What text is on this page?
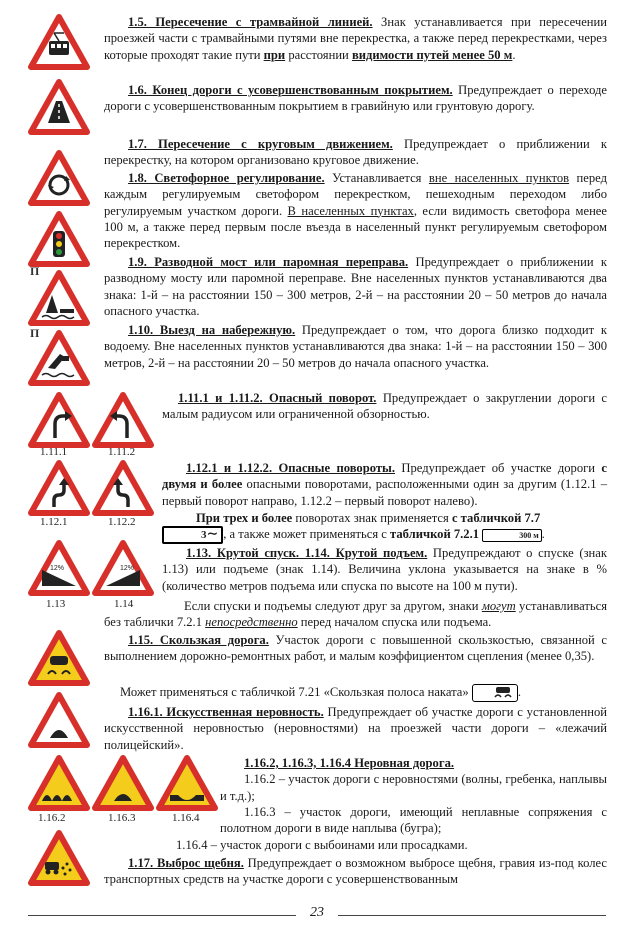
П
П
1.11.1	1.11.2
1.12.1	1.12.2
12%
1.13
12%
1.14
1.16.2	1.16.3	1.16.4
1.5. Пересечение с трамвайной линией. Знак устанавливается при пересечении проезжей части с трамвайными путями вне перекрестка, а также перед перекрестками, через которые проходят такие пути при расстоянии видимости путей менее 50 м.
1.6. Конец дороги с усовершенствованным покрытием. Предупреждает о переходе дороги с усовершенствованным покрытием в гравийную или грунтовую дорогу.
1.7. Пересечение с круговым движением. Предупреждает о приближении к перекрестку, на котором организовано круговое движение.
1.8. Светофорное регулирование. Устанавливается вне населенных пунктов перед каждым регулируемым светофором перекрестком, пешеходным переходом либо регулируемым участком дороги. В населенных пунктах, если видимость светофора менее 100 м, а также перед первым после въезда в населенный пункт регулируемым светофором перекрестком.
1.9. Разводной мост или паромная переправа. Предупреждает о приближении к разводному мосту или паромной переправе. Вне населенных пунктов устанавливаются два знака: 1-й – на расстоянии 150 – 300 метров, 2-й – на расстоянии 20 – 50 метров до начала опасного участка.
1.10. Выезд на набережную. Предупреждает о том, что дорога близко подходит к водоему. Вне населенных пунктов устанавливаются два знака: 1-й – на расстоянии 150 – 300 метров, 2-й – на расстоянии 20 – 50 метров до начала опасного участка.
1.11.1 и 1.11.2. Опасный поворот. Предупреждает о закруглении дороги с малым радиусом или ограниченной обзорностью.
1.12.1 и 1.12.2. Опасные повороты. Предупреждает об участке дороги с двумя и более опасными поворотами, расположенными один за другим (1.12.1 – первый поворот направо, 1.12.2 – первый поворот налево).
При трех и более поворотах знак применяется с табличкой 7.7
3∼ , а также может применяться с табличкой 7.2.1	300 м .
1.13. Крутой спуск. 1.14. Крутой подъем. Предупреждают о спуске (знак 1.13) или подъеме (знак 1.14). Величина уклона указывается на знаке в % (количество метров подъема или спуска по высоте на 100 м пути).
Если спуски и подъемы следуют друг за другом, знаки могут устанавливаться без таблички 7.2.1 непосредственно перед началом спуска или подъема.
1.15. Скользкая дорога. Участок дороги с повышенной скользкостью, связанной с выполнением дорожно-ремонтных работ, и малым коэффициентом сцепления (менее 0,35).
Может применяться с табличкой 7.21 «Скользкая полоса наката»	.
1.16.1. Искусственная неровность. Предупреждает об участке дороги с установленной искусственной неровностью (неровностями) на проезжей части дороги – «лежачий полицейский».
1.16.2, 1.16.3, 1.16.4 Неровная дорога.
1.16.2 – участок дороги с неровностями (волны, гребенка, наплывы и т.д.);1.16.3 – участок дороги, имеющий неплавные сопряжения с полотном дороги в виде наплыва (бугра);
1.16.4 – участок дороги с выбоинами или просадками.
1.17. Выброс щебня. Предупреждает о возможном выбросе щебня, гравия из-под колес транспортных средств на участке дороги с усовершенствованным
23
